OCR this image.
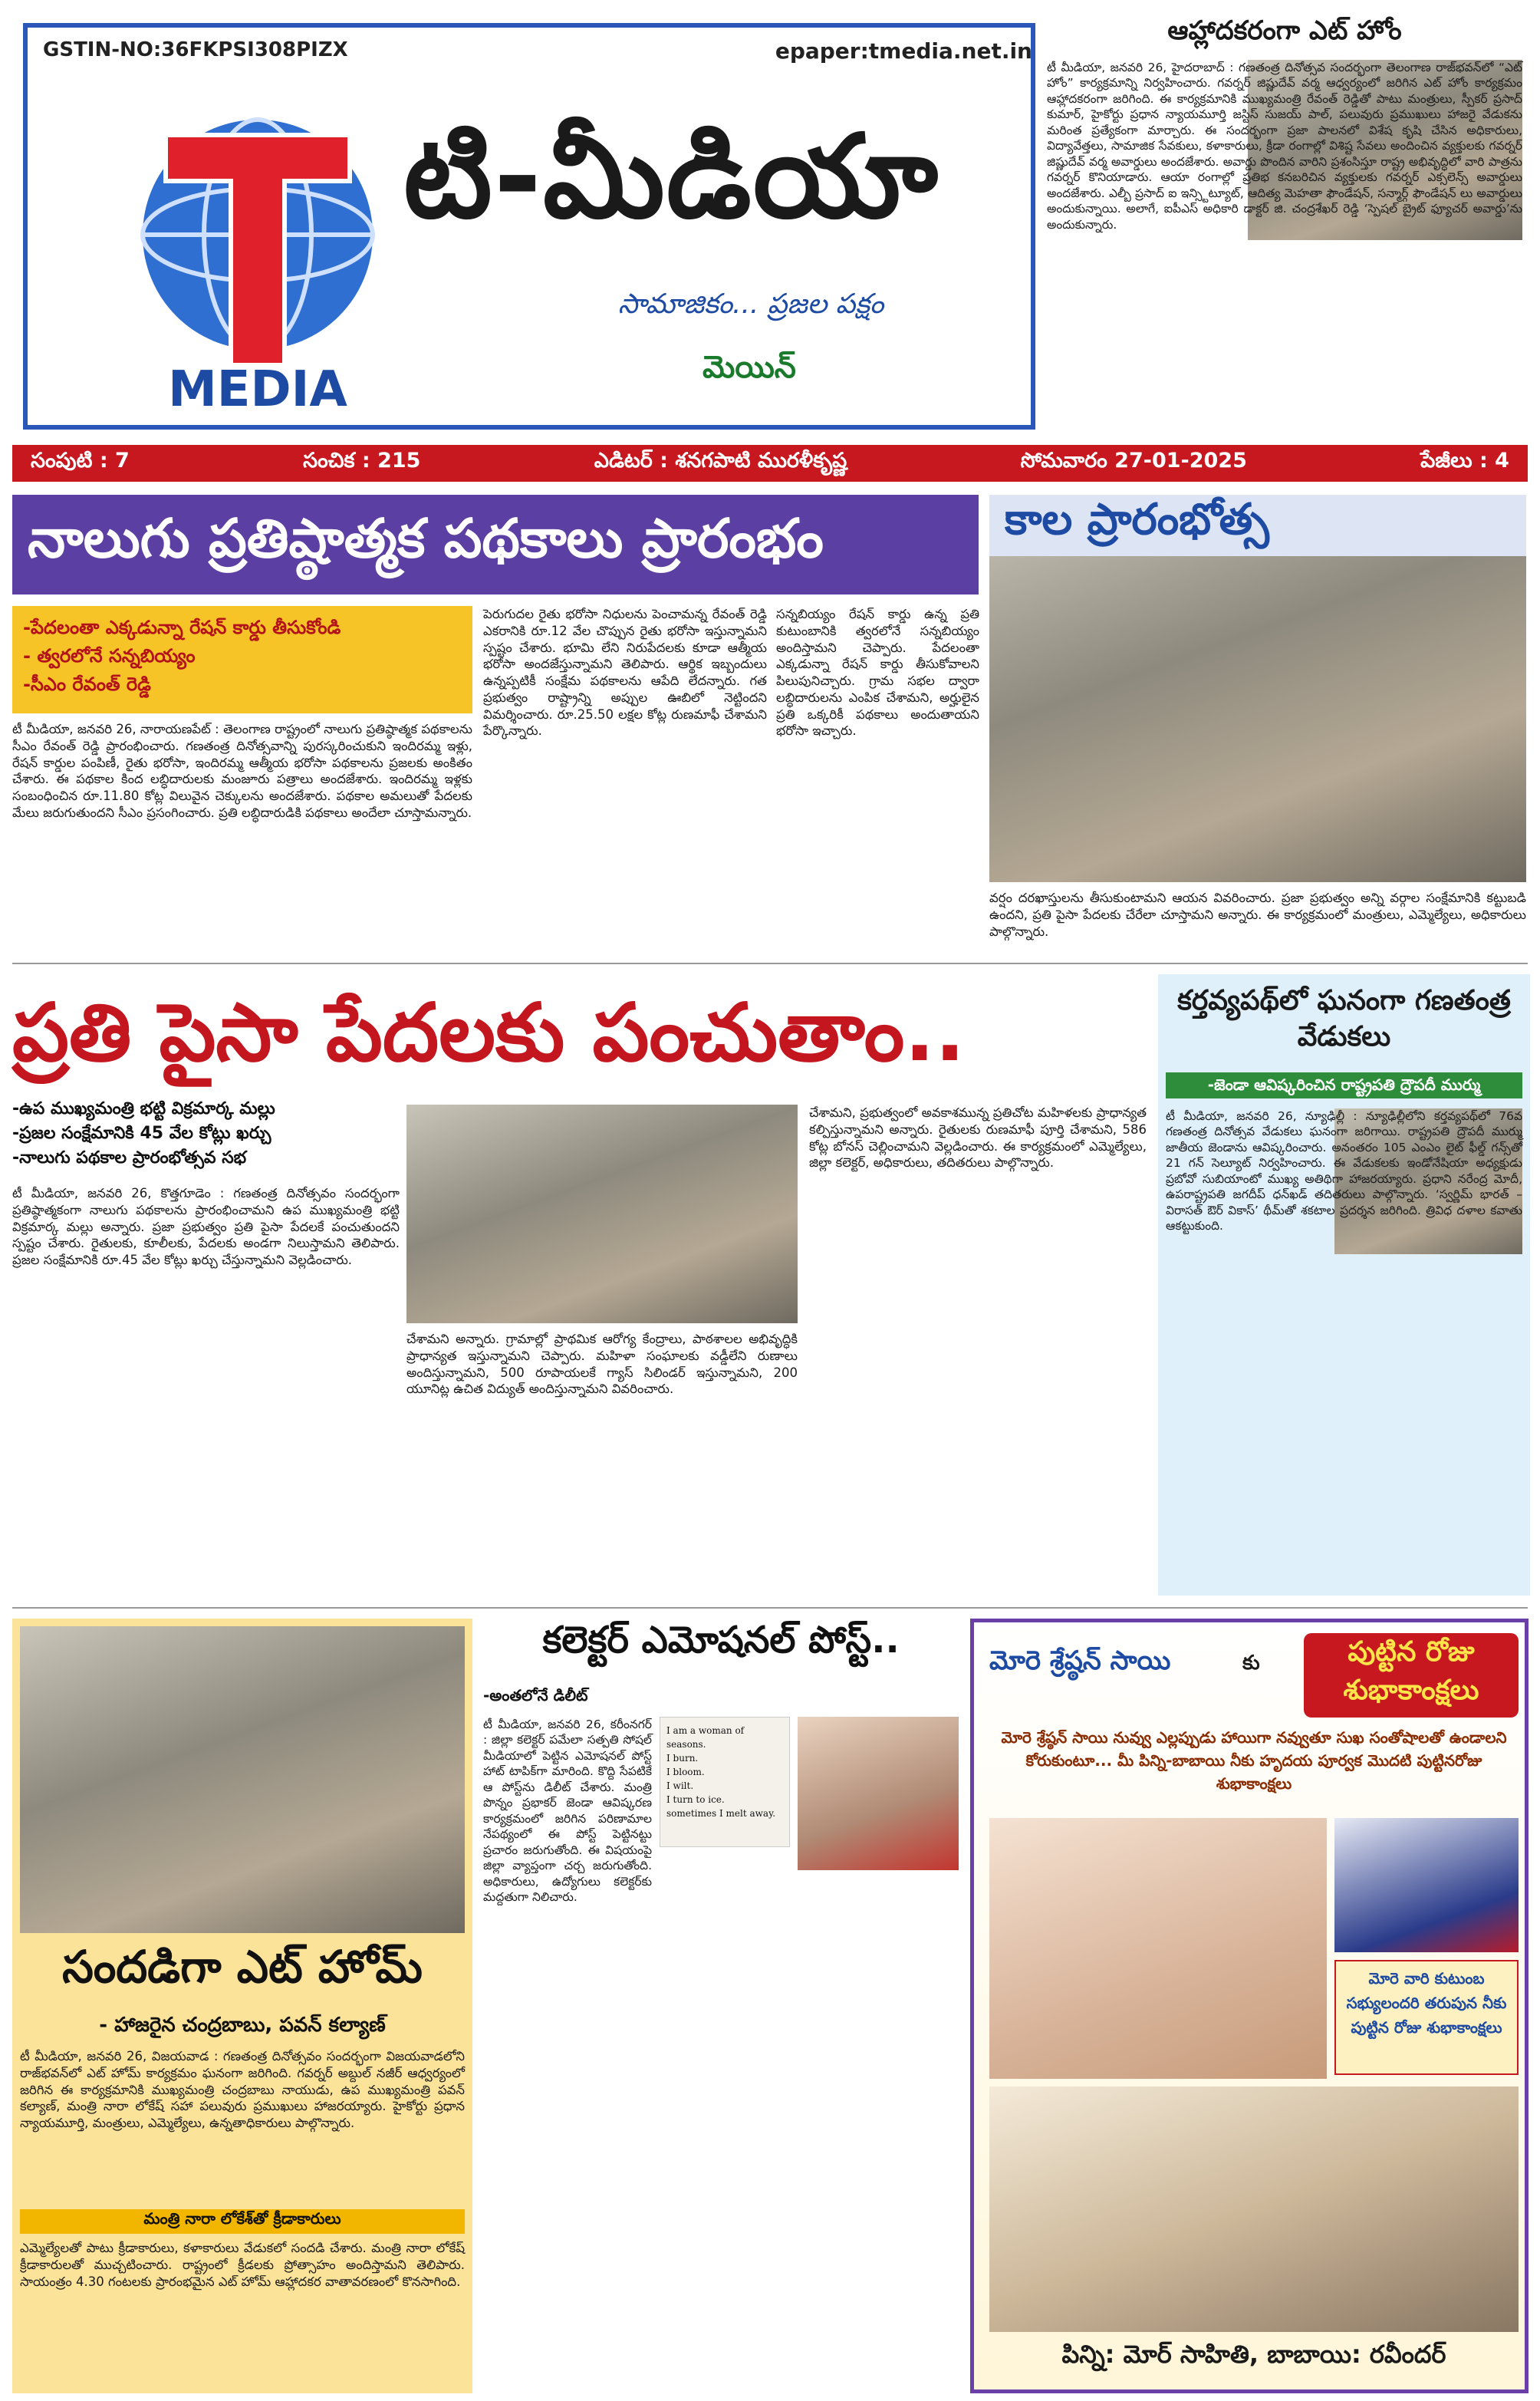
GSTIN-NO:36FKPSI308PIZX	epaper:tmedia.net.in
MEDIA
టి-మీడియా
సామాజికం... ప్రజల పక్షం
మెయిన్
ఆహ్లాదకరంగా ఎట్ హోం
టీ మీడియా, జనవరి 26, హైదరాబాద్ : గణతంత్ర దినోత్సవ సందర్భంగా తెలంగాణ రాజ్‌భవన్‌లో “ఎట్ హోం” కార్యక్రమాన్ని నిర్వహించారు. గవర్నర్ జిష్ణుదేవ్ వర్మ ఆధ్వర్యంలో జరిగిన ఎట్ హోం కార్యక్రమం ఆహ్లాదకరంగా జరిగింది. ఈ కార్యక్రమానికి ముఖ్యమంత్రి రేవంత్ రెడ్డితో పాటు మంత్రులు, స్పీకర్ ప్రసాద్ కుమార్, హైకోర్టు ప్రధాన న్యాయమూర్తి జస్టిస్ సుజయ్ పాల్, పలువురు ప్రముఖులు హాజరై వేడుకను మరింత ప్రత్యేకంగా మార్చారు. ఈ సందర్భంగా ప్రజా పాలనలో విశేష కృషి చేసిన అధికారులు, విద్యావేత్తలు, సామాజిక సేవకులు, కళాకారులు, క్రీడా రంగాల్లో విశిష్ట సేవలు అందించిన వ్యక్తులకు గవర్నర్ జిష్ణుదేవ్ వర్మ అవార్డులు అందజేశారు. అవార్డు పొందిన వారిని ప్రశంసిస్తూ రాష్ట్ర అభివృద్ధిలో వారి పాత్రను గవర్నర్ కొనియాడారు. ఆయా రంగాల్లో ప్రతిభ కనబరిచిన వ్యక్తులకు గవర్నర్ ఎక్సలెన్స్ అవార్డులు అందజేశారు. ఎల్బీ ప్రసాద్ ఐ ఇన్స్టిట్యూట్, ఆదిత్య మెహతా ఫౌండేషన్, సన్మార్గ్ ఫౌండేషన్ లు అవార్డులు అందుకున్నాయి. అలాగే, ఐపీఎస్ అధికారి డాక్టర్ జి. చంద్రశేఖర్ రెడ్డి ‘స్పెషల్ బ్రైట్ ఫ్యూచర్ అవార్డు’ను అందుకున్నారు.
సంపుటి : 7	సంచిక : 215	ఎడిటర్ : శనగపాటి మురళీకృష్ణ	సోమవారం 27-01-2025	పేజీలు : 4
నాలుగు ప్రతిష్ఠాత్మక పథకాలు ప్రారంభం	కాల ప్రారంభోత్స
-పేదలంతా ఎక్కడున్నా రేషన్ కార్డు తీసుకోండి
- త్వరలోనే సన్నబియ్యం
-సీఎం రేవంత్ రెడ్డి
టీ మీడియా, జనవరి 26, నారాయణపేట్ : తెలంగాణ రాష్ట్రంలో నాలుగు ప్రతిష్ఠాత్మక పథకాలను సీఎం రేవంత్ రెడ్డి ప్రారంభించారు. గణతంత్ర దినోత్సవాన్ని పురస్కరించుకుని ఇందిరమ్మ ఇళ్లు, రేషన్ కార్డుల పంపిణీ, రైతు భరోసా, ఇందిరమ్మ ఆత్మీయ భరోసా పథకాలను ప్రజలకు అంకితం చేశారు. ఈ పథకాల కింద లబ్ధిదారులకు మంజూరు పత్రాలు అందజేశారు. ఇందిరమ్మ ఇళ్లకు సంబంధించిన రూ.11.80 కోట్ల విలువైన చెక్కులను అందజేశారు. పథకాల అమలుతో పేదలకు మేలు జరుగుతుందని సీఎం ప్రసంగించారు. ప్రతి లబ్ధిదారుడికి పథకాలు అందేలా చూస్తామన్నారు.
పెరుగుదల రైతు భరోసా నిధులను పెంచామన్న రేవంత్ రెడ్డి ఎకరానికి రూ.12 వేల చొప్పున రైతు భరోసా ఇస్తున్నామని స్పష్టం చేశారు. భూమి లేని నిరుపేదలకు కూడా ఆత్మీయ భరోసా అందజేస్తున్నామని తెలిపారు. ఆర్థిక ఇబ్బందులు ఉన్నప్పటికీ సంక్షేమ పథకాలను ఆపేది లేదన్నారు. గత ప్రభుత్వం రాష్ట్రాన్ని అప్పుల ఊబిలో నెట్టిందని విమర్శించారు. రూ.25.50 లక్షల కోట్ల రుణమాఫీ చేశామని పేర్కొన్నారు.
సన్నబియ్యం రేషన్ కార్డు ఉన్న ప్రతి కుటుంబానికి త్వరలోనే సన్నబియ్యం అందిస్తామని చెప్పారు. పేదలంతా ఎక్కడున్నా రేషన్ కార్డు తీసుకోవాలని పిలుపునిచ్చారు. గ్రామ సభల ద్వారా లబ్ధిదారులను ఎంపిక చేశామని, అర్హులైన ప్రతి ఒక్కరికీ పథకాలు అందుతాయని భరోసా ఇచ్చారు.
వర్షం దరఖాస్తులను తీసుకుంటామని ఆయన వివరించారు. ప్రజా ప్రభుత్వం అన్ని వర్గాల సంక్షేమానికి కట్టుబడి ఉందని, ప్రతి పైసా పేదలకు చేరేలా చూస్తామని అన్నారు. ఈ కార్యక్రమంలో మంత్రులు, ఎమ్మెల్యేలు, అధికారులు పాల్గొన్నారు.
ప్రతి పైసా పేదలకు పంచుతాం..
-ఉప ముఖ్యమంత్రి భట్టి విక్రమార్క మల్లు
-ప్రజల సంక్షేమానికి 45 వేల కోట్లు ఖర్చు
-నాలుగు పథకాల ప్రారంభోత్సవ సభ
టీ మీడియా, జనవరి 26, కొత్తగూడెం : గణతంత్ర దినోత్సవం సందర్భంగా ప్రతిష్ఠాత్మకంగా నాలుగు పథకాలను ప్రారంభించామని ఉప ముఖ్యమంత్రి భట్టి విక్రమార్క మల్లు అన్నారు. ప్రజా ప్రభుత్వం ప్రతి పైసా పేదలకే పంచుతుందని స్పష్టం చేశారు. రైతులకు, కూలీలకు, పేదలకు అండగా నిలుస్తామని తెలిపారు. ప్రజల సంక్షేమానికి రూ.45 వేల కోట్లు ఖర్చు చేస్తున్నామని వెల్లడించారు.
చేశామని అన్నారు. గ్రామాల్లో ప్రాథమిక ఆరోగ్య కేంద్రాలు, పాఠశాలల అభివృద్ధికి ప్రాధాన్యత ఇస్తున్నామని చెప్పారు. మహిళా సంఘాలకు వడ్డీలేని రుణాలు అందిస్తున్నామని, 500 రూపాయలకే గ్యాస్ సిలిండర్ ఇస్తున్నామని, 200 యూనిట్ల ఉచిత విద్యుత్ అందిస్తున్నామని వివరించారు.
చేశామని, ప్రభుత్వంలో అవకాశమున్న ప్రతిచోట మహిళలకు ప్రాధాన్యత కల్పిస్తున్నామని అన్నారు. రైతులకు రుణమాఫీ పూర్తి చేశామని, 586 కోట్ల బోనస్ చెల్లించామని వెల్లడించారు. ఈ కార్యక్రమంలో ఎమ్మెల్యేలు, జిల్లా కలెక్టర్, అధికారులు, తదితరులు పాల్గొన్నారు.
కర్తవ్యపథ్‌లో ఘనంగా గణతంత్ర వేడుకలు
-జెండా ఆవిష్కరించిన రాష్ట్రపతి ద్రౌపదీ ముర్ము
టీ మీడియా, జనవరి 26, న్యూఢిల్లీ : న్యూఢిల్లీలోని కర్తవ్యపథ్‌లో 76వ గణతంత్ర దినోత్సవ వేడుకలు ఘనంగా జరిగాయి. రాష్ట్రపతి ద్రౌపదీ ముర్ము జాతీయ జెండాను ఆవిష్కరించారు. అనంతరం 105 ఎంఎం లైట్ ఫీల్డ్ గన్స్‌తో 21 గన్ సెల్యూట్ నిర్వహించారు. ఈ వేడుకలకు ఇండోనేషియా అధ్యక్షుడు ప్రబోవో సుబియాంటో ముఖ్య అతిథిగా హాజరయ్యారు. ప్రధాని నరేంద్ర మోదీ, ఉపరాష్ట్రపతి జగదీప్ ధన్‌ఖడ్ తదితరులు పాల్గొన్నారు. ‘స్వర్ణిమ్ భారత్ – విరాసత్ ఔర్ వికాస్’ థీమ్‌తో శకటాల ప్రదర్శన జరిగింది. త్రివిధ దళాల కవాతు ఆకట్టుకుంది.
సందడిగా ఎట్ హోమ్
- హాజరైన చంద్రబాబు, పవన్ కల్యాణ్
టీ మీడియా, జనవరి 26, విజయవాడ : గణతంత్ర దినోత్సవం సందర్భంగా విజయవాడలోని రాజ్‌భవన్‌లో ఎట్ హోమ్ కార్యక్రమం ఘనంగా జరిగింది. గవర్నర్ అబ్దుల్ నజీర్ ఆధ్వర్యంలో జరిగిన ఈ కార్యక్రమానికి ముఖ్యమంత్రి చంద్రబాబు నాయుడు, ఉప ముఖ్యమంత్రి పవన్ కల్యాణ్, మంత్రి నారా లోకేష్ సహా పలువురు ప్రముఖులు హాజరయ్యారు. హైకోర్టు ప్రధాన న్యాయమూర్తి, మంత్రులు, ఎమ్మెల్యేలు, ఉన్నతాధికారులు పాల్గొన్నారు.
మంత్రి నారా లోకేశ్‌తో క్రీడాకారులు
ఎమ్మెల్యేలతో పాటు క్రీడాకారులు, కళాకారులు వేడుకలో సందడి చేశారు. మంత్రి నారా లోకేష్ క్రీడాకారులతో ముచ్చటించారు. రాష్ట్రంలో క్రీడలకు ప్రోత్సాహం అందిస్తామని తెలిపారు. సాయంత్రం 4.30 గంటలకు ప్రారంభమైన ఎట్ హోమ్ ఆహ్లాదకర వాతావరణంలో కొనసాగింది.
కలెక్టర్ ఎమోషనల్ పోస్ట్..
-అంతలోనే డిలీట్
I am a woman of seasons.
I burn.
I bloom.
I wilt.
I turn to ice.
sometimes I melt away.
టీ మీడియా, జనవరి 26, కరీంనగర్ : జిల్లా కలెక్టర్ పమేలా సత్పతి సోషల్ మీడియాలో పెట్టిన ఎమోషనల్ పోస్ట్ హాట్ టాపిక్‌గా మారింది. కొద్ది సేపటికే ఆ పోస్ట్‌ను డిలీట్ చేశారు. మంత్రి పొన్నం ప్రభాకర్ జెండా ఆవిష్కరణ కార్యక్రమంలో జరిగిన పరిణామాల నేపథ్యంలో ఈ పోస్ట్ పెట్టినట్టు ప్రచారం జరుగుతోంది. ఈ విషయంపై జిల్లా వ్యాప్తంగా చర్చ జరుగుతోంది. అధికారులు, ఉద్యోగులు కలెక్టర్‌కు మద్దతుగా నిలిచారు.
మోరె శ్రేష్ఠన్ సాయి	కు	పుట్టిన రోజు శుభాకాంక్షలు
మోరె శ్రేష్ఠన్ సాయి నువ్వు ఎల్లప్పుడు హాయిగా నవ్వుతూ సుఖ సంతోషాలతో ఉండాలని కోరుకుంటూ... మీ పిన్ని-బాబాయి నీకు హృదయ పూర్వక మొదటి పుట్టినరోజు శుభాకాంక్షలు
మోరె వారి కుటుంబ సభ్యులందరి తరుపున నీకు పుట్టిన రోజు శుభాకాంక్షలు
పిన్ని: మోర్ సాహితి, బాబాయి: రవీందర్
